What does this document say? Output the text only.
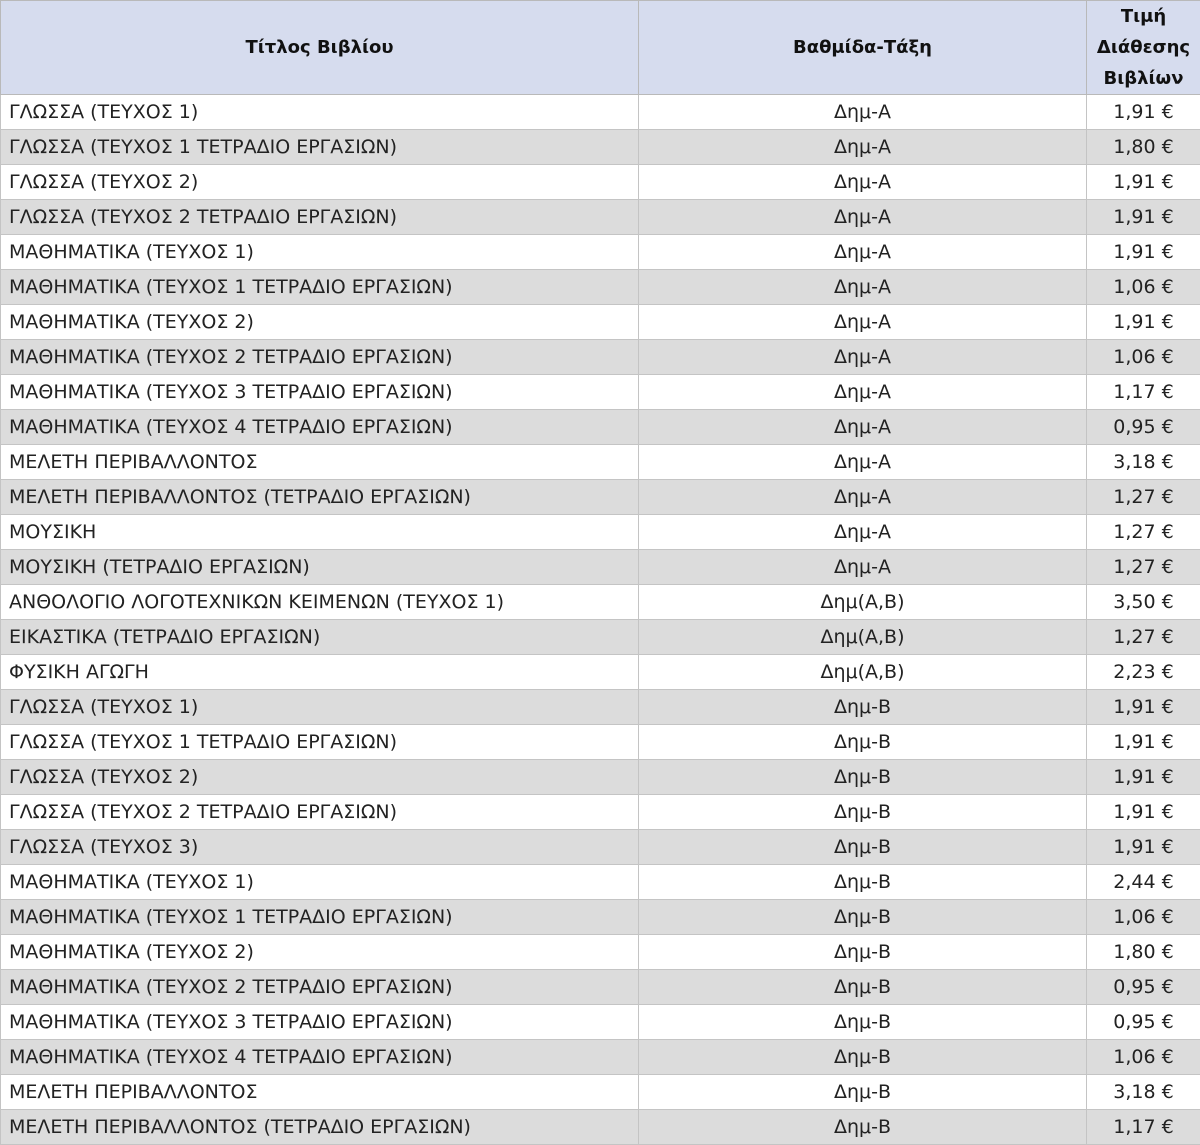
Τίτλος Βιβλίου	Βαθμίδα-Τάξη	Τιμή
Διάθεσης
Βιβλίων
ΓΛΩΣΣΑ (ΤΕΥΧΟΣ 1)	Δημ-Α	1,91 €
ΓΛΩΣΣΑ (ΤΕΥΧΟΣ 1 ΤΕΤΡΑΔΙΟ ΕΡΓΑΣΙΩΝ)	Δημ-Α	1,80 €
ΓΛΩΣΣΑ (ΤΕΥΧΟΣ 2)	Δημ-Α	1,91 €
ΓΛΩΣΣΑ (ΤΕΥΧΟΣ 2 ΤΕΤΡΑΔΙΟ ΕΡΓΑΣΙΩΝ)	Δημ-Α	1,91 €
ΜΑΘΗΜΑΤΙΚΑ (ΤΕΥΧΟΣ 1)	Δημ-Α	1,91 €
ΜΑΘΗΜΑΤΙΚΑ (ΤΕΥΧΟΣ 1 ΤΕΤΡΑΔΙΟ ΕΡΓΑΣΙΩΝ)	Δημ-Α	1,06 €
ΜΑΘΗΜΑΤΙΚΑ (ΤΕΥΧΟΣ 2)	Δημ-Α	1,91 €
ΜΑΘΗΜΑΤΙΚΑ (ΤΕΥΧΟΣ 2 ΤΕΤΡΑΔΙΟ ΕΡΓΑΣΙΩΝ)	Δημ-Α	1,06 €
ΜΑΘΗΜΑΤΙΚΑ (ΤΕΥΧΟΣ 3 ΤΕΤΡΑΔΙΟ ΕΡΓΑΣΙΩΝ)	Δημ-Α	1,17 €
ΜΑΘΗΜΑΤΙΚΑ (ΤΕΥΧΟΣ 4 ΤΕΤΡΑΔΙΟ ΕΡΓΑΣΙΩΝ)	Δημ-Α	0,95 €
ΜΕΛΕΤΗ ΠΕΡΙΒΑΛΛΟΝΤΟΣ	Δημ-Α	3,18 €
ΜΕΛΕΤΗ ΠΕΡΙΒΑΛΛΟΝΤΟΣ (ΤΕΤΡΑΔΙΟ ΕΡΓΑΣΙΩΝ)	Δημ-Α	1,27 €
ΜΟΥΣΙΚΗ	Δημ-Α	1,27 €
ΜΟΥΣΙΚΗ (ΤΕΤΡΑΔΙΟ ΕΡΓΑΣΙΩΝ)	Δημ-Α	1,27 €
ΑΝΘΟΛΟΓΙΟ ΛΟΓΟΤΕΧΝΙΚΩΝ ΚΕΙΜΕΝΩΝ (ΤΕΥΧΟΣ 1)	Δημ(Α,Β)	3,50 €
ΕΙΚΑΣΤΙΚΑ (ΤΕΤΡΑΔΙΟ ΕΡΓΑΣΙΩΝ)	Δημ(Α,Β)	1,27 €
ΦΥΣΙΚΗ ΑΓΩΓΗ	Δημ(Α,Β)	2,23 €
ΓΛΩΣΣΑ (ΤΕΥΧΟΣ 1)	Δημ-Β	1,91 €
ΓΛΩΣΣΑ (ΤΕΥΧΟΣ 1 ΤΕΤΡΑΔΙΟ ΕΡΓΑΣΙΩΝ)	Δημ-Β	1,91 €
ΓΛΩΣΣΑ (ΤΕΥΧΟΣ 2)	Δημ-Β	1,91 €
ΓΛΩΣΣΑ (ΤΕΥΧΟΣ 2 ΤΕΤΡΑΔΙΟ ΕΡΓΑΣΙΩΝ)	Δημ-Β	1,91 €
ΓΛΩΣΣΑ (ΤΕΥΧΟΣ 3)	Δημ-Β	1,91 €
ΜΑΘΗΜΑΤΙΚΑ (ΤΕΥΧΟΣ 1)	Δημ-Β	2,44 €
ΜΑΘΗΜΑΤΙΚΑ (ΤΕΥΧΟΣ 1 ΤΕΤΡΑΔΙΟ ΕΡΓΑΣΙΩΝ)	Δημ-Β	1,06 €
ΜΑΘΗΜΑΤΙΚΑ (ΤΕΥΧΟΣ 2)	Δημ-Β	1,80 €
ΜΑΘΗΜΑΤΙΚΑ (ΤΕΥΧΟΣ 2 ΤΕΤΡΑΔΙΟ ΕΡΓΑΣΙΩΝ)	Δημ-Β	0,95 €
ΜΑΘΗΜΑΤΙΚΑ (ΤΕΥΧΟΣ 3 ΤΕΤΡΑΔΙΟ ΕΡΓΑΣΙΩΝ)	Δημ-Β	0,95 €
ΜΑΘΗΜΑΤΙΚΑ (ΤΕΥΧΟΣ 4 ΤΕΤΡΑΔΙΟ ΕΡΓΑΣΙΩΝ)	Δημ-Β	1,06 €
ΜΕΛΕΤΗ ΠΕΡΙΒΑΛΛΟΝΤΟΣ	Δημ-Β	3,18 €
ΜΕΛΕΤΗ ΠΕΡΙΒΑΛΛΟΝΤΟΣ (ΤΕΤΡΑΔΙΟ ΕΡΓΑΣΙΩΝ)	Δημ-Β	1,17 €
